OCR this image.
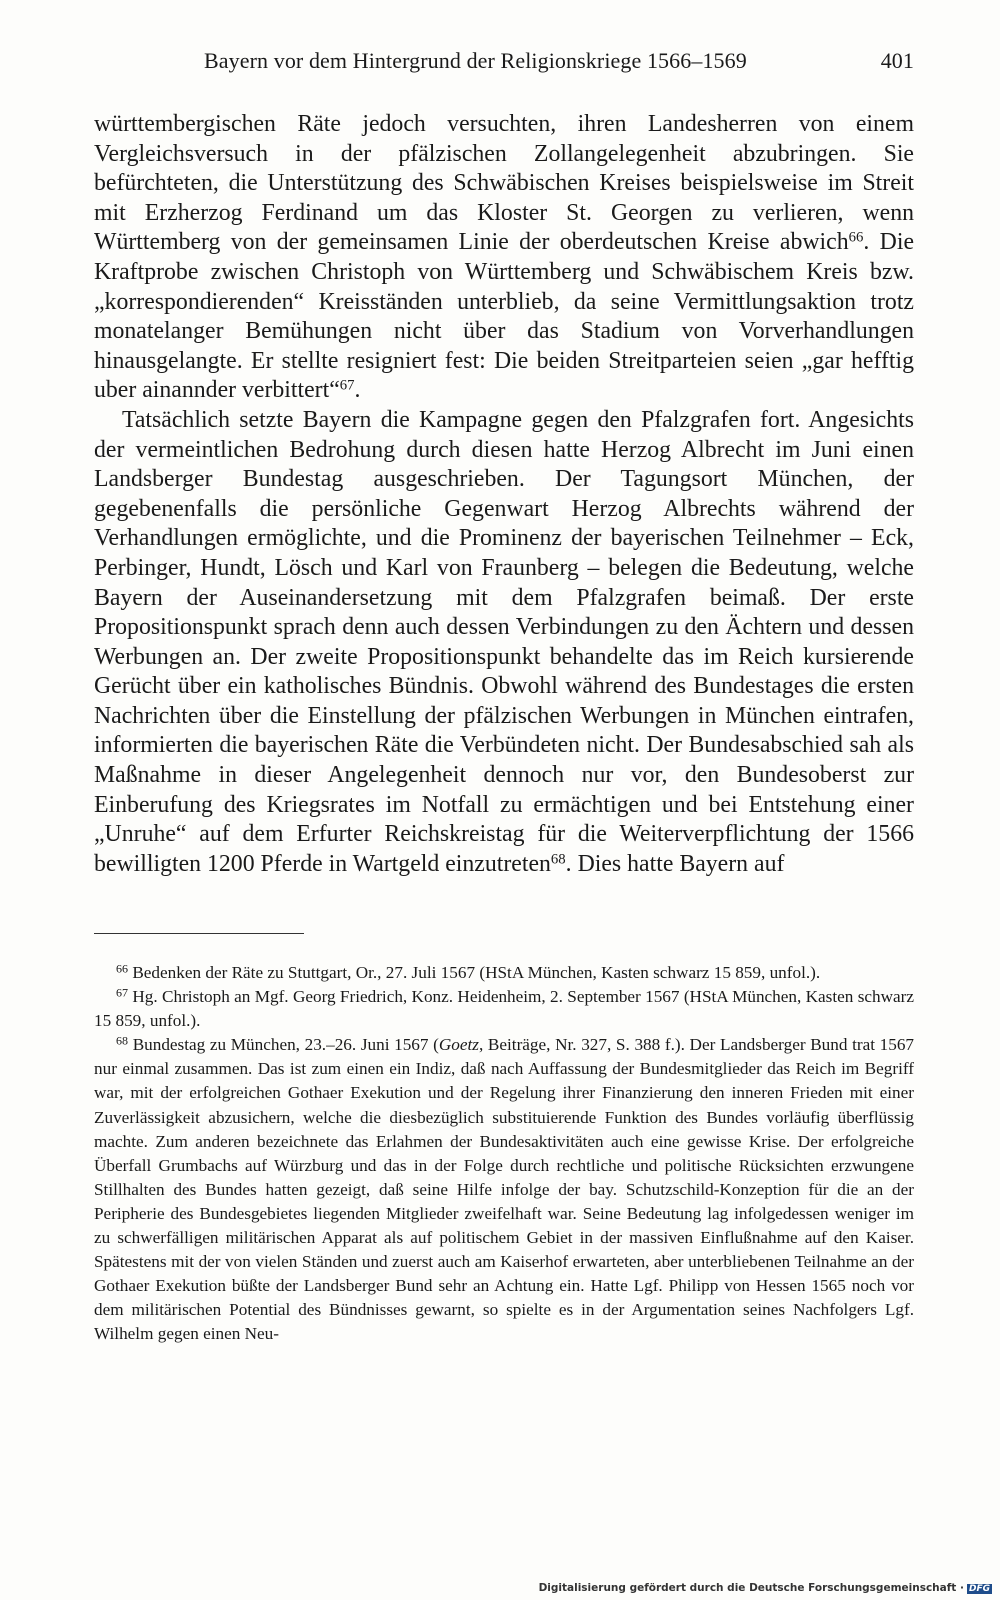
Bayern vor dem Hintergrund der Religionskriege 1566–1569	401

württembergischen Räte jedoch versuchten, ihren Landesherren von einem Vergleichsversuch in der pfälzischen Zollangelegenheit abzubringen. Sie befürchteten, die Unterstützung des Schwäbischen Kreises beispielsweise im Streit mit Erzherzog Ferdinand um das Kloster St. Georgen zu verlieren, wenn Württemberg von der gemeinsamen Linie der oberdeutschen Kreise abwich$^{66}$. Die Kraftprobe zwischen Christoph von Württemberg und Schwäbischem Kreis bzw. „korrespondierenden“ Kreisständen unterblieb, da seine Vermittlungsaktion trotz monatelanger Bemühungen nicht über das Stadium von Vorverhandlungen hinausgelangte. Er stellte resigniert fest: Die beiden Streitparteien seien „gar hefftig uber ainannder verbittert“$^{67}$.

Tatsächlich setzte Bayern die Kampagne gegen den Pfalzgrafen fort. Angesichts der vermeintlichen Bedrohung durch diesen hatte Herzog Albrecht im Juni einen Landsberger Bundestag ausgeschrieben. Der Tagungsort München, der gegebenenfalls die persönliche Gegenwart Herzog Albrechts während der Verhandlungen ermöglichte, und die Prominenz der bayerischen Teilnehmer – Eck, Perbinger, Hundt, Lösch und Karl von Fraunberg – belegen die Bedeutung, welche Bayern der Auseinandersetzung mit dem Pfalzgrafen beimaß. Der erste Propositionspunkt sprach denn auch dessen Verbindungen zu den Ächtern und dessen Werbungen an. Der zweite Propositionspunkt behandelte das im Reich kursierende Gerücht über ein katholisches Bündnis. Obwohl während des Bundestages die ersten Nachrichten über die Einstellung der pfälzischen Werbungen in München eintrafen, informierten die bayerischen Räte die Verbündeten nicht. Der Bundesabschied sah als Maßnahme in dieser Angelegenheit dennoch nur vor, den Bundesoberst zur Einberufung des Kriegsrates im Notfall zu ermächtigen und bei Entstehung einer „Unruhe“ auf dem Erfurter Reichskreistag für die Weiterverpflichtung der 1566 bewilligten 1200 Pferde in Wartgeld einzutreten$^{68}$. Dies hatte Bayern auf

$^{66}$ Bedenken der Räte zu Stuttgart, Or., 27. Juli 1567 (HStA München, Kasten schwarz 15 859, unfol.).

$^{67}$ Hg. Christoph an Mgf. Georg Friedrich, Konz. Heidenheim, 2. September 1567 (HStA München, Kasten schwarz 15 859, unfol.).

$^{68}$ Bundestag zu München, 23.–26. Juni 1567 (Goetz, Beiträge, Nr. 327, S. 388 f.). Der Landsberger Bund trat 1567 nur einmal zusammen. Das ist zum einen ein Indiz, daß nach Auffassung der Bundesmitglieder das Reich im Begriff war, mit der erfolgreichen Gothaer Exekution und der Regelung ihrer Finanzierung den inneren Frieden mit einer Zuverlässigkeit abzusichern, welche die diesbezüglich substituierende Funktion des Bundes vorläufig überflüssig machte. Zum anderen bezeichnete das Erlahmen der Bundesaktivitäten auch eine gewisse Krise. Der erfolgreiche Überfall Grumbachs auf Würzburg und das in der Folge durch rechtliche und politische Rücksichten erzwungene Stillhalten des Bundes hatten gezeigt, daß seine Hilfe infolge der bay. Schutzschild-Konzeption für die an der Peripherie des Bundesgebietes liegenden Mitglieder zweifelhaft war. Seine Bedeutung lag infolgedessen weniger im zu schwerfälligen militärischen Apparat als auf politischem Gebiet in der massiven Einflußnahme auf den Kaiser. Spätestens mit der von vielen Ständen und zuerst auch am Kaiserhof erwarteten, aber unterbliebenen Teilnahme an der Gothaer Exekution büßte der Landsberger Bund sehr an Achtung ein. Hatte Lgf. Philipp von Hessen 1565 noch vor dem militärischen Potential des Bündnisses gewarnt, so spielte es in der Argumentation seines Nachfolgers Lgf. Wilhelm gegen einen Neu-

Digitalisierung gefördert durch die Deutsche Forschungsgemeinschaft · DFG
